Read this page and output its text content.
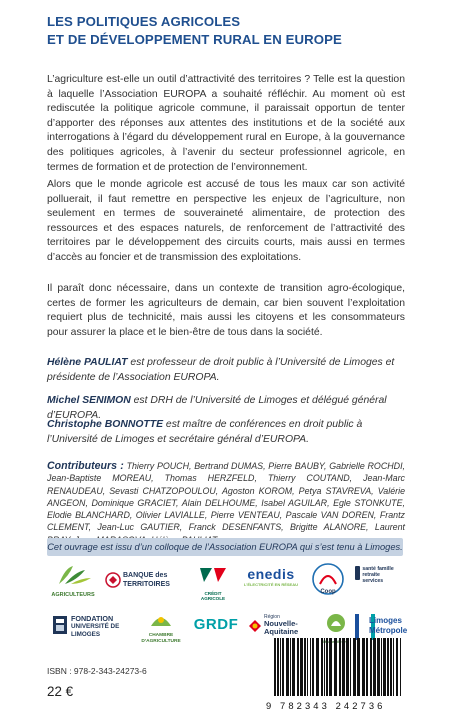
LES POLITIQUES AGRICOLES
ET DE DÉVELOPPEMENT RURAL EN EUROPE
L’agriculture est-elle un outil d’attractivité des territoires ? Telle est la question à laquelle l’Association EUROPA a souhaité réfléchir. Au moment où est rediscutée la politique agricole commune, il paraissait opportun de tenter d’apporter des réponses aux attentes des institutions et de la société aux interrogations à l’égard du développement rural en Europe, à la gouvernance des politiques agricoles, à l’avenir du secteur professionnel agricole, en termes de formation et de protection de l’environnement.
Alors que le monde agricole est accusé de tous les maux car son activité polluerait, il faut remettre en perspective les enjeux de l’agriculture, non seulement en termes de souveraineté alimentaire, de protection des ressources et des espaces naturels, de renforcement de l’attractivité des territoires par le développement des circuits courts, mais aussi en termes d’accès au foncier et de transmission des exploitations.
Il paraît donc nécessaire, dans un contexte de transition agro-écologique, certes de former les agriculteurs de demain, car bien souvent l’exploitation requiert plus de technicité, mais aussi les citoyens et les consommateurs pour assurer la place et le bien-être de tous dans la société.
Hélène PAULIAT est professeur de droit public à l’Université de Limoges et présidente de l’Association EUROPA.
Michel SENIMON est DRH de l’Université de Limoges et délégué général d’EUROPA.
Christophe BONNOTTE est maître de conférences en droit public à l’Université de Limoges et secrétaire général d’EUROPA.
Contributeurs : Thierry POUCH, Bertrand DUMAS, Pierre BAUBY, Gabrielle ROCHDI, Jean-Baptiste MOREAU, Thomas HERZFELD, Thierry COUTAND, Jean-Marc RENAUDEAU, Sevasti CHATZOPOULOU, Agoston KOROM, Petya STAVREVA, Valérie ANGEON, Dominique GRACIET, Alain DELHOUME, Isabel AGUILAR, Egle STONKUTE, Elodie BLANCHARD, Olivier LAVIALLE, Pierre VENTEAU, Pascale VAN DOREN, Frantz CLEMENT, Jean-Luc GAUTIER, Franck DESENFANTS, Brigitte ALANORE, Laurent
Cet ouvrage est issu d’un colloque de l’Association EUROPA qui s’est tenu à Limoges.
AGRICULTEURS
BANQUE des TERRITOIRES
CRÉDIT AGRICOLE
enedis
L’ÉLECTRICITÉ EN RÉSEAU
Coop
santé famille retraite services
FONDATION
UNIVERSITÉ DE LIMOGES	CHAMBRE D’AGRICULTURE
GRDF	Région
Nouvelle-
Aquitaine
Limoges
Métropole
ISBN : 978-2-343-24273-6
22 €
9 782343 242736
